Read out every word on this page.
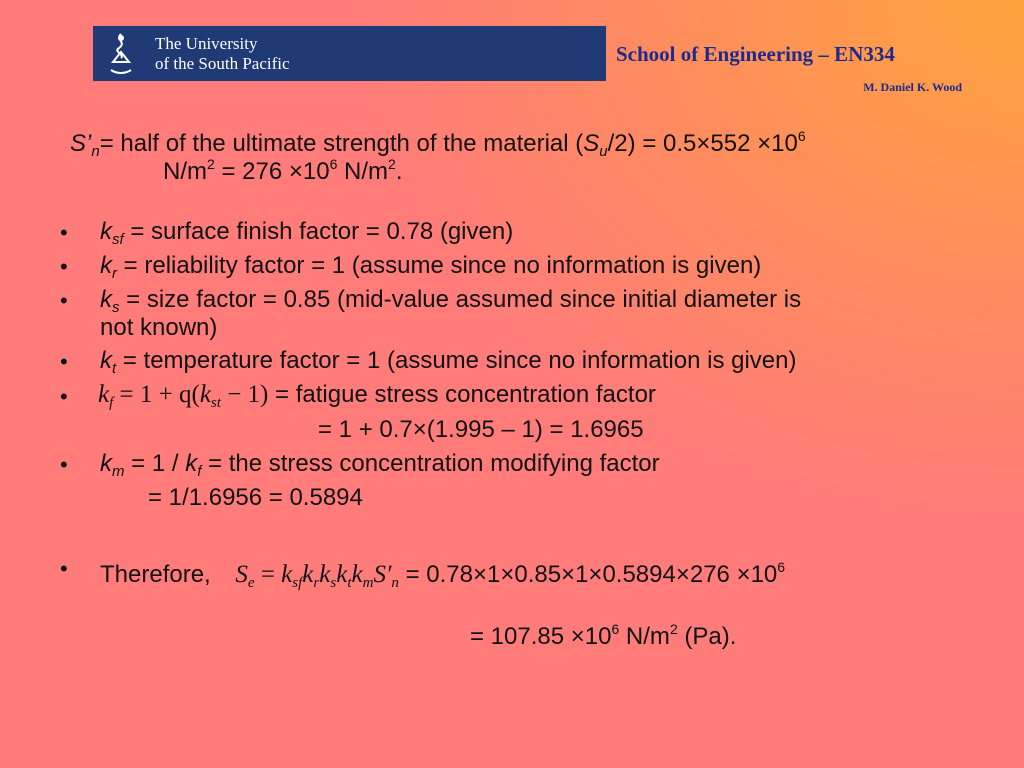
The University
of the South Pacific	School of Engineering – EN334
M. Daniel K. Wood
$S’_n=$ half of the ultimate strength of the material $(S_u/2) = 0.5\times 552 \times 10^6$
$N/m^2 = 276 \times 10^6$ $N/m^2$.
• $k_{sf}$ = surface finish factor = 0.78 (given)
• $k_r$ = reliability factor = 1 (assume since no information is given)
• $k_s$ = size factor = 0.85 (mid-value assumed since initial diameter is
not known)
• $k_t$ = temperature factor = 1 (assume since no information is given)
• $k_f = 1 + q(k_{st} - 1)$ = fatigue stress concentration factor
= 1 + 0.7×(1.995 – 1) = 1.6965
• $k_m = 1 / k_f$ = the stress concentration modifying factor
= 1/1.6956 = 0.5894
• Therefore, $S_e = k_{sf}k_rk_sk_tk_mS'_n = 0.78\times 1\times 0.85\times 1\times 0.5894\times 276 \times 10^6$
= $107.85 \times 10^6$ $N/m^2$ (Pa).
